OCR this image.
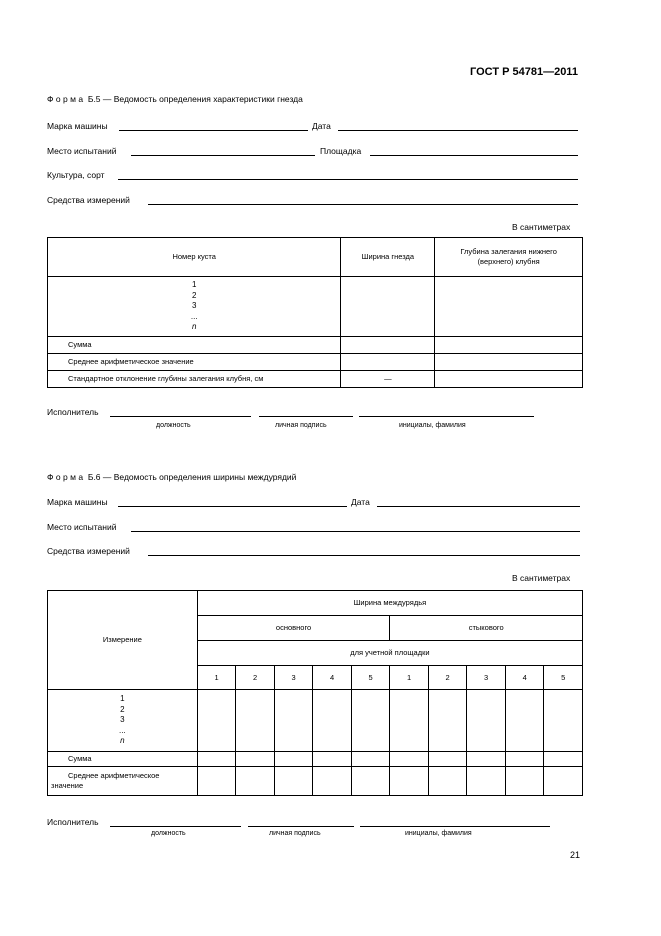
ГОСТ Р 54781—2011
Форма Б.5 — Ведомость определения характеристики гнезда
Марка машины	Дата
Место испытаний	Площадка
Культура, сорт
Средства измерений
В сантиметрах
Номер куста	Ширина гнезда	Глубина залегания нижнего
(верхнего) клубня

1
2
3
...
n		

Сумма		
Среднее арифметическое значение		
Стандартное отклонение глубины залегания клубня, см	—	
Исполнитель
должность	личная подпись	инициалы, фамилия
Форма Б.6 — Ведомость определения ширины междурядий
Марка машины	Дата
Место испытаний
Средства измерений
В сантиметрах
Измерение	Ширина междурядья									
	основного					стыкового				
	для учетной площадки									
	1	2	3	4	5	1	2	3	4	5

1
2
3
...
n										

Сумма										
Среднее арифметическое
значение										
Исполнитель
должность	личная подпись	инициалы, фамилия
21
